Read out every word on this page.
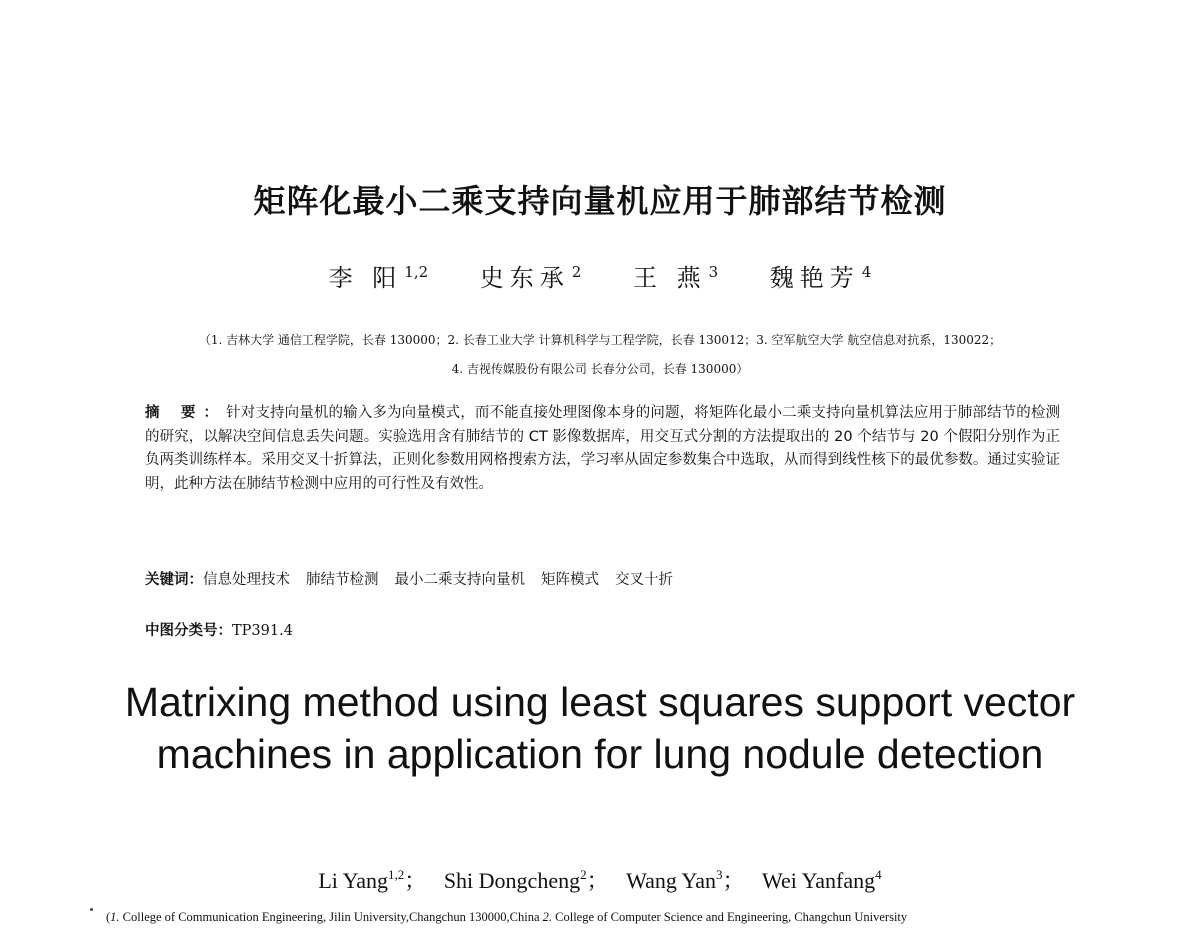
矩阵化最小二乘支持向量机应用于肺部结节检测
李 阳 $^{1,2}$ 史东承 $^2$ 王 燕 $^3$ 魏艳芳 $^4$
（1. 吉林大学 通信工程学院，长春 130000；2. 长春工业大学 计算机科学与工程学院，长春 130012；3. 空军航空大学 航空信息对抗系，130022；
4. 吉视传媒股份有限公司 长春分公司，长春 130000）
摘 要：针对支持向量机的输入多为向量模式，而不能直接处理图像本身的问题，将矩阵化最小二乘支持向量机算法应用于肺部结节的检测的研究，以解决空间信息丢失问题。实验选用含有肺结节的 CT 影像数据库，用交互式分割的方法提取出的 20 个结节与 20 个假阳分别作为正负两类训练样本。采用交叉十折算法，正则化参数用网格搜索方法，学习率从固定参数集合中选取，从而得到线性核下的最优参数。通过实验证明，此种方法在肺结节检测中应用的可行性及有效性。
关键词：信息处理技术 肺结节检测 最小二乘支持向量机 矩阵模式 交叉十折
中图分类号：TP391.4
Matrixing method using least squares support vector machines in application for lung nodule detection
Li Yang$^{1,2}$； Shi Dongcheng$^2$； Wang Yan$^3$； Wei Yanfang$^4$
(1. College of Communication Engineering, Jilin University,Changchun 130000,China 2. College of Computer Science and Engineering, Changchun University
